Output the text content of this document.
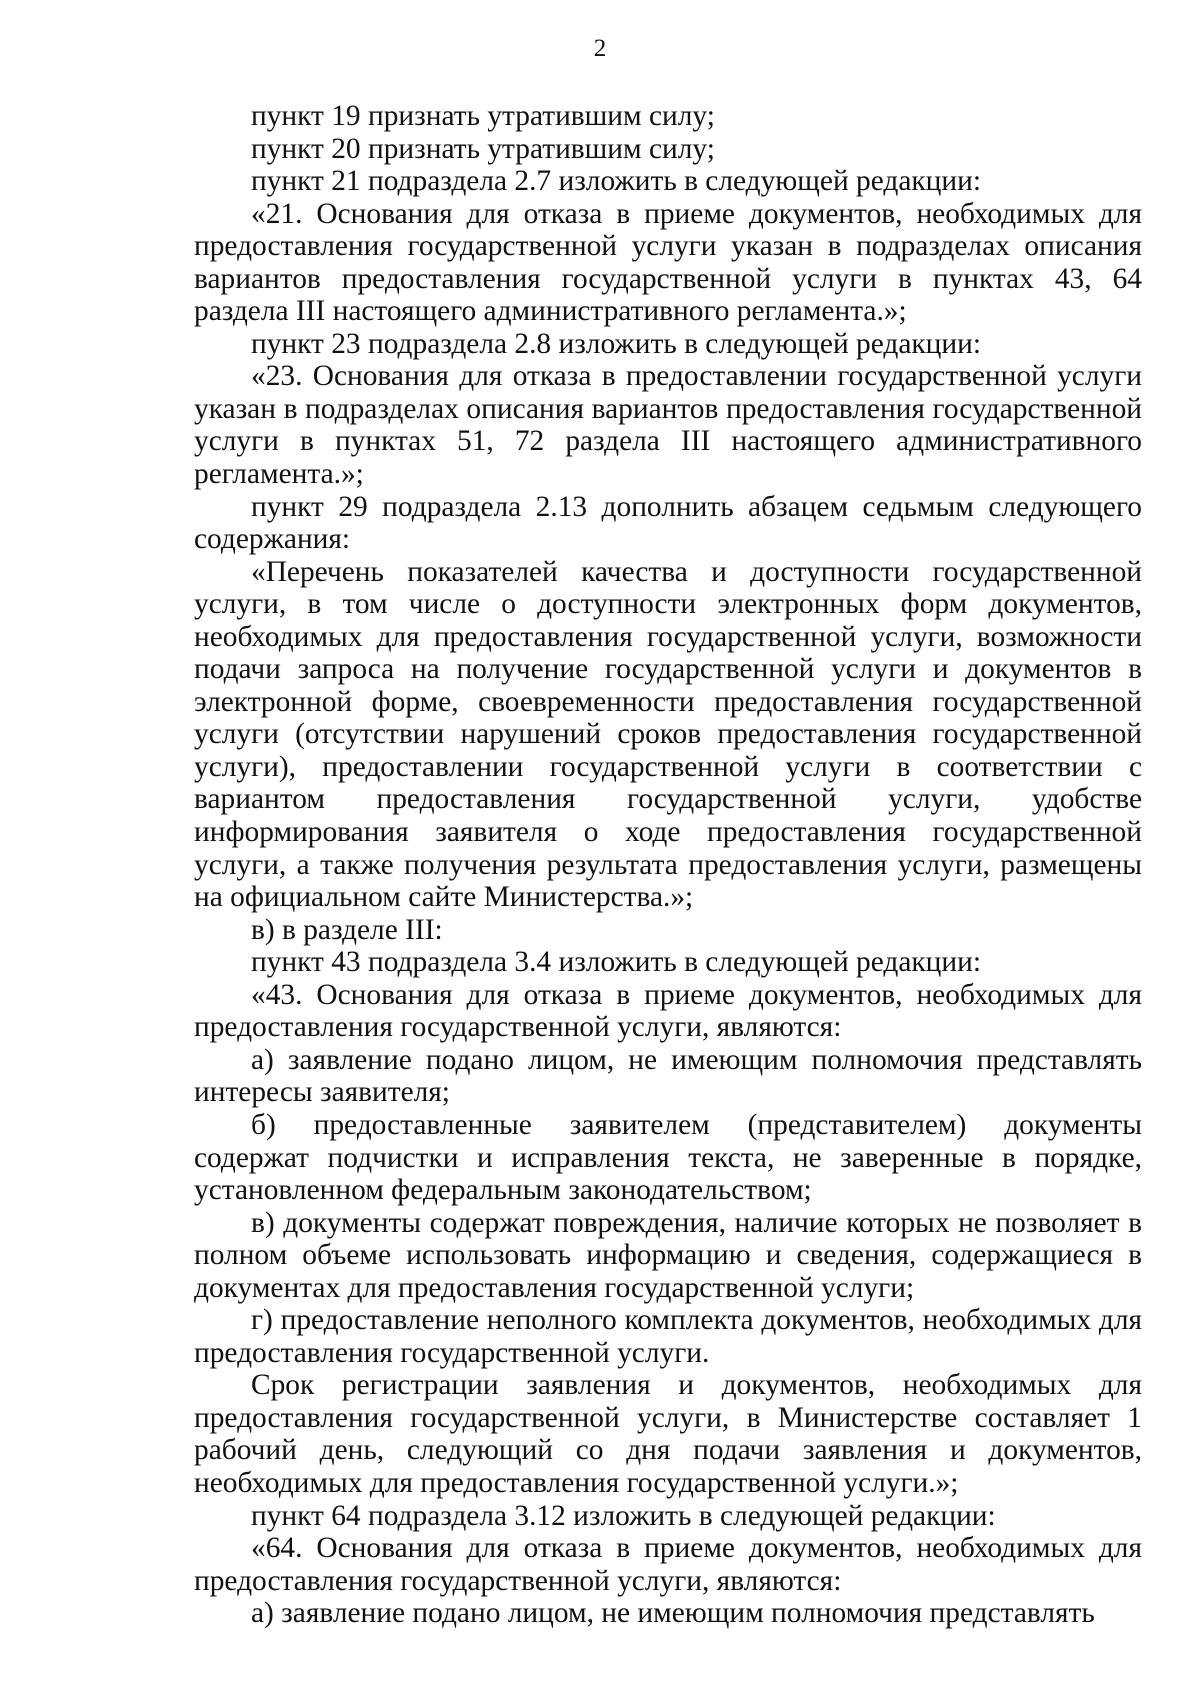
2

пункт 19 признать утратившим силу;

пункт 20 признать утратившим силу;

пункт 21 подраздела 2.7 изложить в следующей редакции:

«21. Основания для отказа в приеме документов, необходимых для предоставления государственной услуги указан в подразделах описания вариантов предоставления государственной услуги в пунктах 43, 64 раздела III настоящего административного регламента.»;

пункт 23 подраздела 2.8 изложить в следующей редакции:

«23. Основания для отказа в предоставлении государственной услуги указан в подразделах описания вариантов предоставления государственной услуги в пунктах 51, 72 раздела III настоящего административного регламента.»;

пункт 29 подраздела 2.13 дополнить абзацем седьмым следующего содержания:

«Перечень показателей качества и доступности государственной услуги, в том числе о доступности электронных форм документов, необходимых для предоставления государственной услуги, возможности подачи запроса на получение государственной услуги и документов в электронной форме, своевременности предоставления государственной услуги (отсутствии нарушений сроков предоставления государственной услуги), предоставлении государственной услуги в соответствии с вариантом предоставления государственной услуги, удобстве информирования заявителя о ходе предоставления государственной услуги, а также получения результата предоставления услуги, размещены на официальном сайте Министерства.»;

в) в разделе III:

пункт 43 подраздела 3.4 изложить в следующей редакции:

«43. Основания для отказа в приеме документов, необходимых для предоставления государственной услуги, являются:

а) заявление подано лицом, не имеющим полномочия представлять интересы заявителя;

б) предоставленные заявителем (представителем) документы содержат подчистки и исправления текста, не заверенные в порядке, установленном федеральным законодательством;

в) документы содержат повреждения, наличие которых не позволяет в полном объеме использовать информацию и сведения, содержащиеся в документах для предоставления государственной услуги;

г) предоставление неполного комплекта документов, необходимых для предоставления государственной услуги.

Срок регистрации заявления и документов, необходимых для предоставления государственной услуги, в Министерстве составляет 1 рабочий день, следующий со дня подачи заявления и документов, необходимых для предоставления государственной услуги.»;

пункт 64 подраздела 3.12 изложить в следующей редакции:

«64. Основания для отказа в приеме документов, необходимых для предоставления государственной услуги, являются:

а) заявление подано лицом, не имеющим полномочия представлять
